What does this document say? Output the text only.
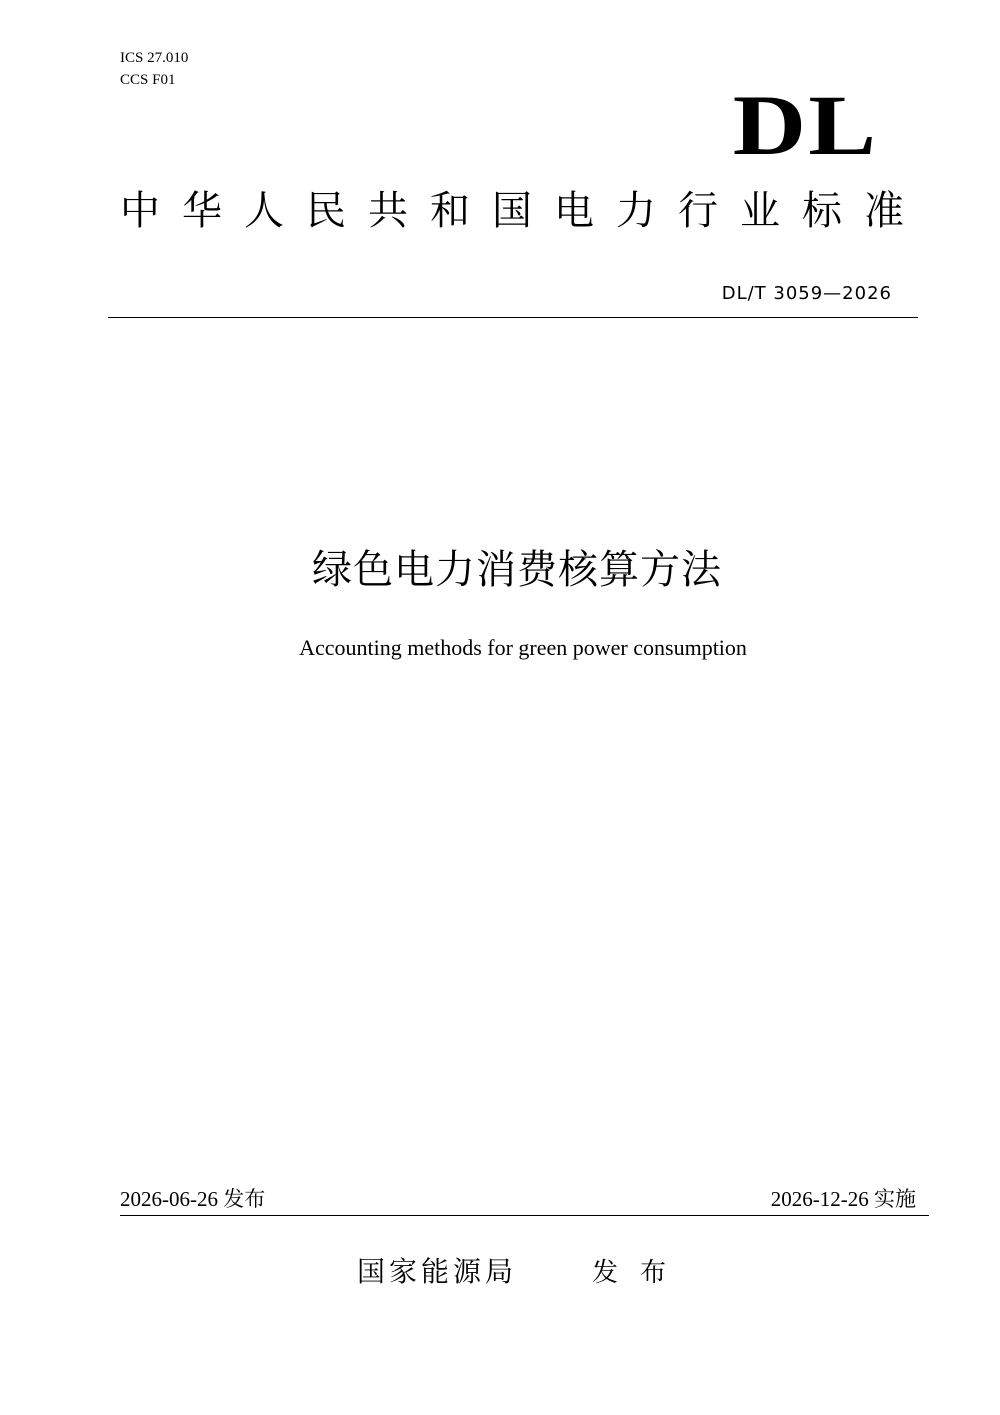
ICS 27.010
CCS F01	DL
中华人民共和国电力行业标准
DL/T 3059—2026
绿色电力消费核算方法
Accounting methods for green power consumption
2026-06-26 发布	2026-12-26 实施
国家能源局	发布
